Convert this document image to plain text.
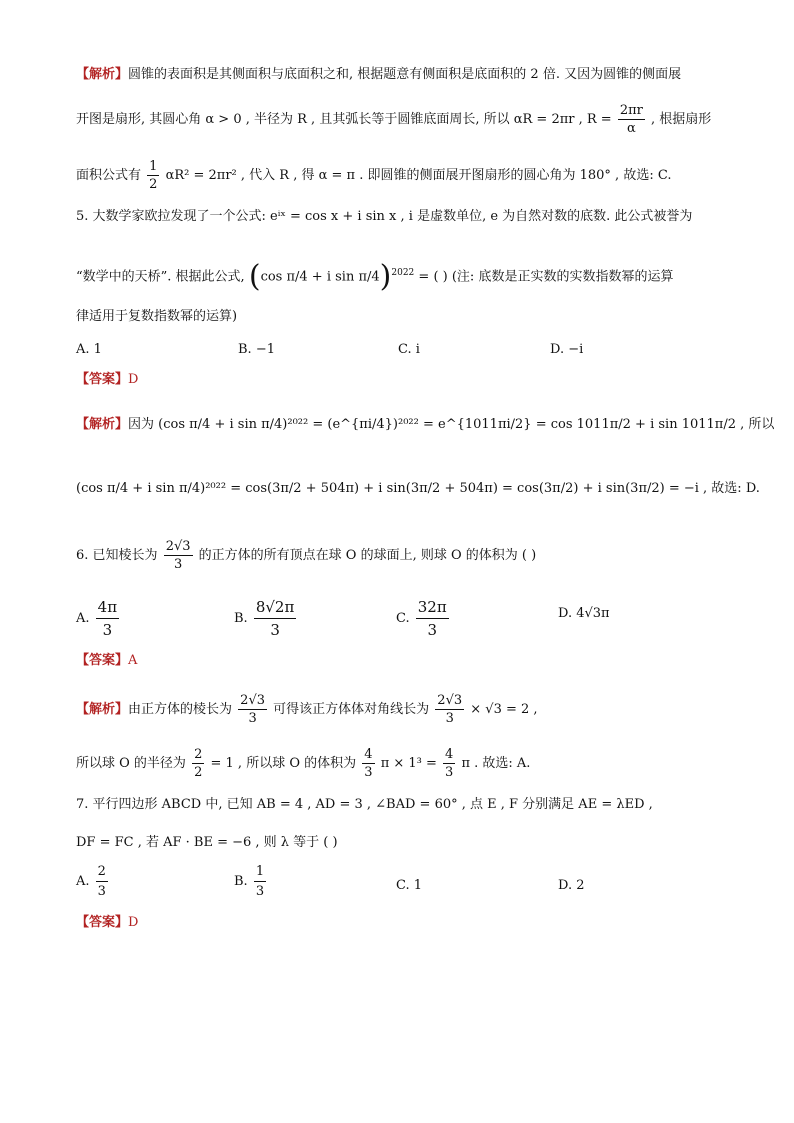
【解析】圆锥的表面积是其侧面积与底面积之和, 根据题意有侧面积是底面积的 2 倍. 又因为圆锥的侧面展
开图是扇形, 其圆心角 α > 0 , 半径为 R , 且其弧长等于圆锥底面周长, 所以 αR = 2πr , $R = \frac{2\pi r}{\alpha}$ , 根据扇形
面积公式有 $\frac{1}{2} \alpha R^2 = 2\pi r^2$ , 代入 R , 得 α = π . 即圆锥的侧面展开图扇形的圆心角为 180° , 故选: C.
5. 大数学家欧拉发现了一个公式: eⁱˣ = cos x + i sin x , i 是虚数单位, e 为自然对数的底数. 此公式被誉为
“数学中的天桥”. 根据此公式, (cos π/4 + i sin π/4)$^{2022}$ = ( ) (注: 底数是正实数的实数指数幂的运算
律适用于复数指数幂的运算)
A. 1	B. −1	C. i	D. −i
【答案】D
【解析】因为 (cos π/4 + i sin π/4)²⁰²² = (e^{πi/4})²⁰²² = e^{1011πi/2} = cos 1011π/2 + i sin 1011π/2 , 所以
(cos π/4 + i sin π/4)²⁰²² = cos(3π/2 + 504π) + i sin(3π/2 + 504π) = cos(3π/2) + i sin(3π/2) = −i , 故选: D.
6. 已知棱长为 $\frac{2√3}{3}$ 的正方体的所有顶点在球 O 的球面上, 则球 O 的体积为 ( )
A. $\frac{4\pi}{3}$	B. $\frac{8√2\pi}{3}$	C. $\frac{32\pi}{3}$	D. 4√3π
【答案】A
【解析】由正方体的棱长为 $\frac{2√3}{3}$ 可得该正方体体对角线长为 $\frac{2√3}{3} \times √3 = 2$ ,
所以球 O 的半径为 $\frac{2}{2} = 1$ , 所以球 O 的体积为 $\frac{4}{3}$ $\pi \times 1^3 = \frac{4}{3}$ π . 故选: A.
7. 平行四边形 ABCD 中, 已知 AB = 4 , AD = 3 , ∠BAD = 60° , 点 E , F 分别满足 AE = λED ,
DF = FC , 若 AF · BE = −6 , 则 λ 等于 ( )
A. $\frac{2}{3}$	B. $\frac{1}{3}$	C. 1	D. 2
【答案】D
